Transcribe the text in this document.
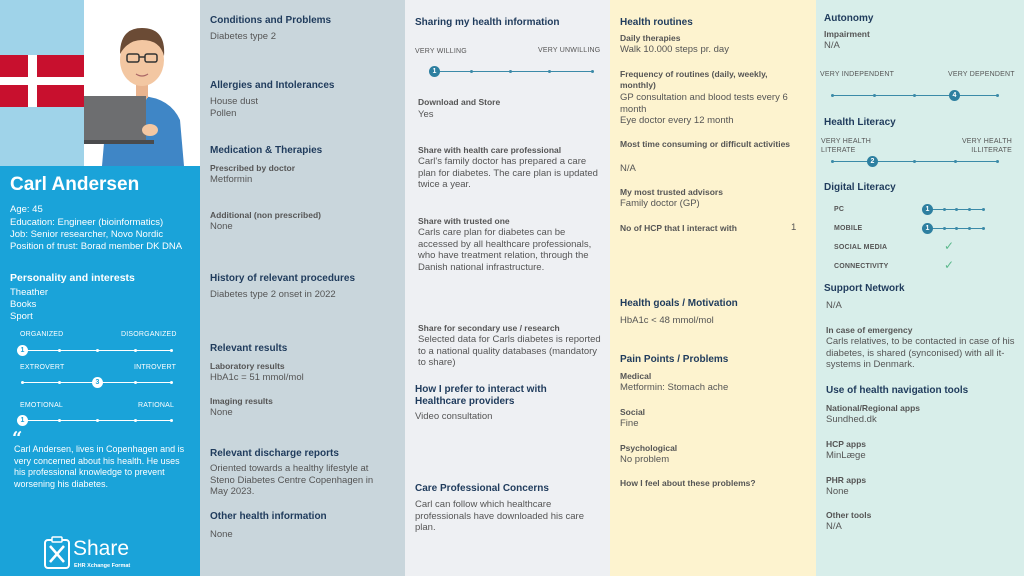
Carl Andersen
Age: 45
Education: Engineer (bioinformatics)
Job: Senior researcher, Novo Nordic
Position of trust: Borad member DK DNA
Personality and interests
Theather
Books
Sport
ORGANIZED	DISORGANIZED
1
EXTROVERT	INTROVERT
3
EMOTIONAL	RATIONAL
1
“
Carl Andersen, lives in Copenhagen and is very concerned about his health. He uses his professional knowledge to prevent worsening his diabetes.
Share
EHR Xchange Format
Conditions and Problems
Diabetes type 2
Allergies and Intolerances
House dust
Pollen
Medication & Therapies
Prescribed by doctor
Metformin
Additional (non prescribed)
None
History of relevant procedures
Diabetes type 2 onset in 2022
Relevant results
Laboratory results
HbA1c = 51 mmol/mol
Imaging results
None
Relevant discharge reports
Oriented towards a healthy lifestyle at Steno Diabetes Centre Copenhagen in May 2023.
Other health information
None
Sharing my health information
VERY WILLING	VERY UNWILLING
1
Download and Store
Yes
Share with health care professional
Carl's family doctor has prepared a care plan for diabetes. The care plan is updated twice a year.
Share with trusted one
Carls care plan for diabetes can be accessed by all healthcare professionals, who have treatment relation, through the Danish national infrastructure.
Share for secondary use / research
Selected data for Carls diabetes is reported to a national quality databases (mandatory to share)
How I prefer to interact with Healthcare providers
Video consultation
Care Professional Concerns
Carl can follow which healthcare professionals have downloaded his care plan.
Health routines
Daily therapies
Walk 10.000 steps pr. day
Frequency of routines (daily, weekly, monthly)
GP consultation and blood tests every 6 month
Eye doctor every 12 month
Most time consuming or difficult activities
N/A
My most trusted advisors
Family doctor (GP)
No of HCP that I interact with	1
Health goals / Motivation
HbA1c < 48 mmol/mol
Pain Points / Problems
Medical
Metformin: Stomach ache
Social
Fine
Psychological
No problem
How I feel about these problems?
Autonomy
Impairment
N/A
VERY INDEPENDENT	VERY DEPENDENT
4
Health Literacy
VERY HEALTH LITERATE
VERY HEALTH ILLITERATE
2
Digital Literacy
PC	1
MOBILE	1
SOCIAL MEDIA	✓
CONNECTIVITY	✓
Support Network
N/A
In case of emergency
Carls relatives, to be contacted in case of his diabetes, is shared (synconised) with all it-systems in Denmark.
Use of health navigation tools
National/Regional apps
Sundhed.dk
HCP apps
MinLæge
PHR apps
None
Other tools
N/A
